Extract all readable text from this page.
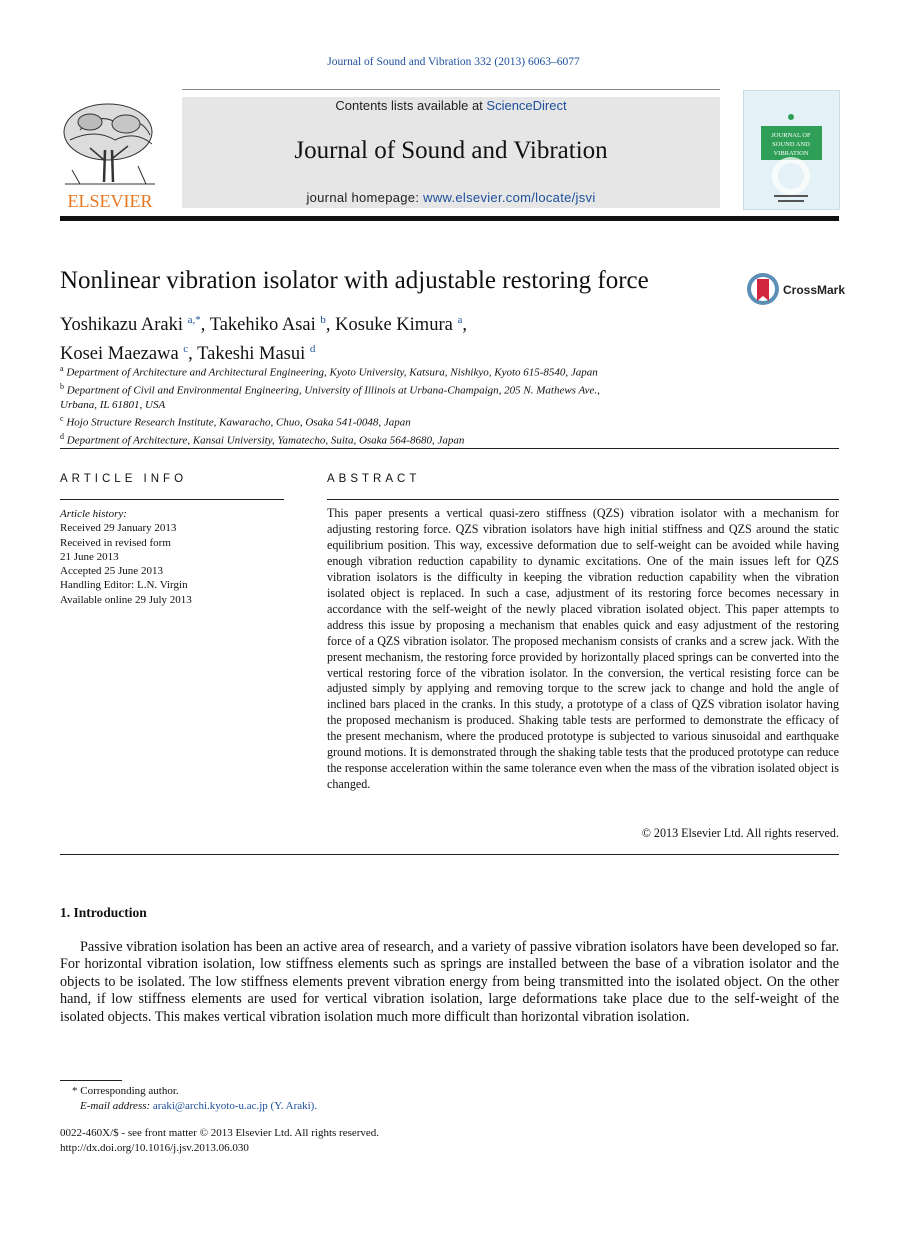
Journal of Sound and Vibration 332 (2013) 6063–6077
ELSEVIER
Contents lists available at ScienceDirect
Journal of Sound and Vibration
journal homepage: www.elsevier.com/locate/jsvi
JOURNAL OF
SOUND AND
VIBRATION
Nonlinear vibration isolator with adjustable restoring force	CrossMark
Yoshikazu Araki $^{a,*}$, Takehiko Asai $^b$, Kosuke Kimura $^a$,
Kosei Maezawa $^c$, Takeshi Masui $^d$
$^a$ Department of Architecture and Architectural Engineering, Kyoto University, Katsura, Nishikyo, Kyoto 615-8540, Japan
$^b$ Department of Civil and Environmental Engineering, University of Illinois at Urbana-Champaign, 205 N. Mathews Ave.,
Urbana, IL 61801, USA
$^c$ Hojo Structure Research Institute, Kawaracho, Chuo, Osaka 541-0048, Japan
$^d$ Department of Architecture, Kansai University, Yamatecho, Suita, Osaka 564-8680, Japan
ARTICLE INFO
Article history:
Received 29 January 2013
Received in revised form
21 June 2013
Accepted 25 June 2013
Handling Editor: L.N. Virgin
Available online 29 July 2013
ABSTRACT
This paper presents a vertical quasi-zero stiffness (QZS) vibration isolator with a mechanism for adjusting restoring force. QZS vibration isolators have high initial stiffness and QZS around the static equilibrium position. This way, excessive deformation due to self-weight can be avoided while having enough vibration reduction capability to dynamic excitations. One of the main issues left for QZS vibration isolators is the difficulty in keeping the vibration reduction capability when the vibration isolated object is replaced. In such a case, adjustment of its restoring force becomes necessary in accordance with the self-weight of the newly placed vibration isolated object. This paper attempts to address this issue by proposing a mechanism that enables quick and easy adjustment of the restoring force of a QZS vibration isolator. The proposed mechanism consists of cranks and a screw jack. With the present mechanism, the restoring force provided by horizontally placed springs can be converted into the vertical restoring force of the vibration isolator. In the conversion, the vertical resisting force can be adjusted simply by applying and removing torque to the screw jack to change and hold the angle of inclined bars placed in the cranks. In this study, a prototype of a class of QZS vibration isolator having the proposed mechanism is produced. Shaking table tests are performed to demonstrate the efficacy of the present mechanism, where the produced prototype is subjected to various sinusoidal and earthquake ground motions. It is demonstrated through the shaking table tests that the produced prototype can reduce the response acceleration within the same tolerance even when the mass of the vibration isolated object is changed.
© 2013 Elsevier Ltd. All rights reserved.
1. Introduction
Passive vibration isolation has been an active area of research, and a variety of passive vibration isolators have been developed so far. For horizontal vibration isolation, low stiffness elements such as springs are installed between the base of a vibration isolator and the objects to be isolated. The low stiffness elements prevent vibration energy from being transmitted into the isolated object. On the other hand, if low stiffness elements are used for vertical vibration isolation, large deformations take place due to the self-weight of the isolated objects. This makes vertical vibration isolation much more difficult than horizontal vibration isolation.
* Corresponding author.
E-mail address: araki@archi.kyoto-u.ac.jp (Y. Araki).
0022-460X/$ - see front matter © 2013 Elsevier Ltd. All rights reserved.
http://dx.doi.org/10.1016/j.jsv.2013.06.030
